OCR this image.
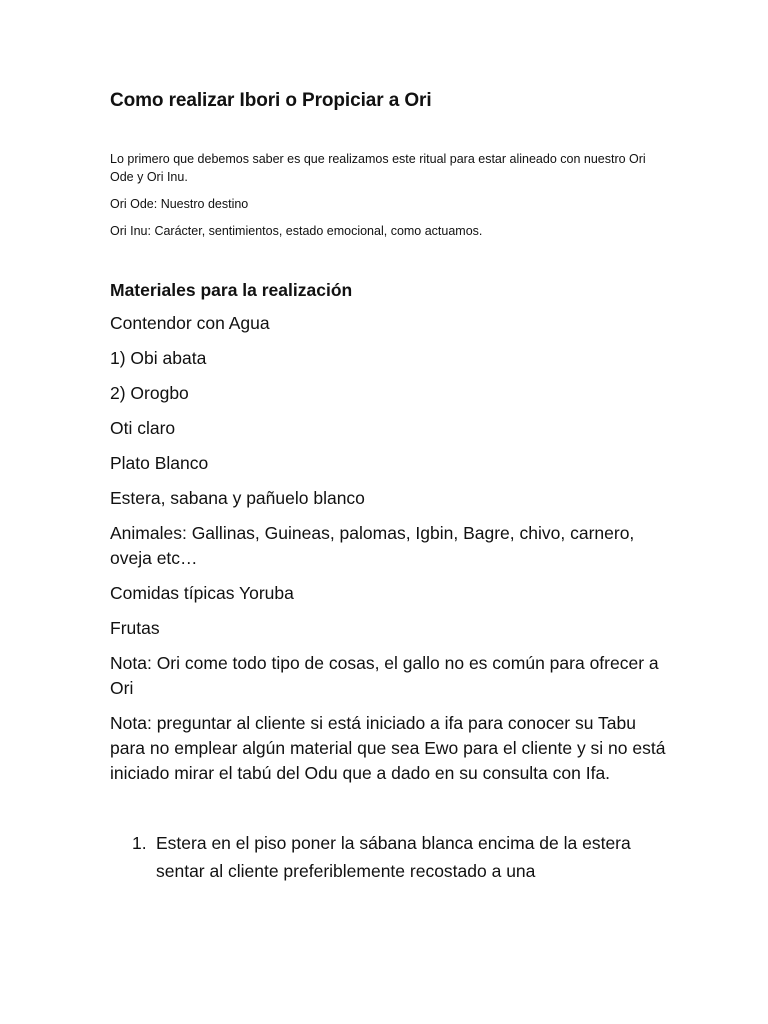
Como realizar Ibori o Propiciar a Ori

Lo primero que debemos saber es que realizamos este ritual para estar alineado con nuestro Ori Ode y Ori Inu.

Ori Ode: Nuestro destino

Ori Inu: Carácter, sentimientos, estado emocional, como actuamos.

Materiales para la realización
Contendor con Agua
1) Obi abata
2) Orogbo
Oti claro
Plato Blanco
Estera, sabana y pañuelo blanco
Animales: Gallinas, Guineas, palomas, Igbin, Bagre, chivo, carnero, oveja etc…
Comidas típicas Yoruba
Frutas
Nota: Ori come todo tipo de cosas, el gallo no es común para ofrecer a Ori
Nota: preguntar al cliente si está iniciado a ifa para conocer su Tabu para no emplear algún material que sea Ewo para el cliente y si no está iniciado mirar el tabú del Odu que a dado en su consulta con Ifa.
1. Estera en el piso poner la sábana blanca encima de la estera sentar al cliente preferiblemente recostado a una
